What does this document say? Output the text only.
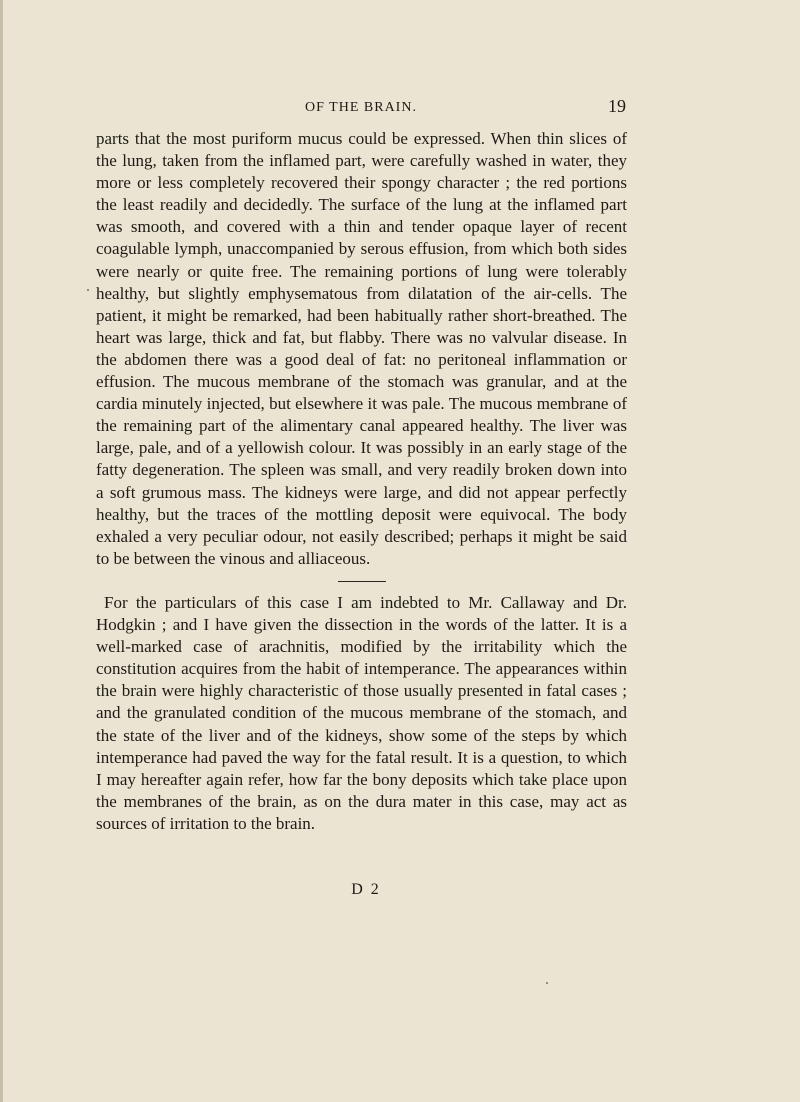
OF THE BRAIN.	19

parts that the most puriform mucus could be expressed. When thin slices of the lung, taken from the inflamed part, were carefully washed in water, they more or less completely recovered their spongy character ; the red portions the least readily and decidedly. The surface of the lung at the inflamed part was smooth, and covered with a thin and tender opaque layer of recent coagulable lymph, unaccompanied by serous effusion, from which both sides were nearly or quite free. The remaining portions of lung were tolerably healthy, but slightly emphysematous from dilatation of the air-cells. The patient, it might be remarked, had been habitually rather short-breathed. The heart was large, thick and fat, but flabby. There was no valvular disease. In the abdomen there was a good deal of fat: no peritoneal inflammation or effusion. The mucous membrane of the stomach was granular, and at the cardia minutely injected, but elsewhere it was pale. The mucous membrane of the remaining part of the alimentary canal appeared healthy. The liver was large, pale, and of a yellowish colour. It was possibly in an early stage of the fatty degeneration. The spleen was small, and very readily broken down into a soft grumous mass. The kidneys were large, and did not appear perfectly healthy, but the traces of the mottling deposit were equivocal. The body exhaled a very peculiar odour, not easily described; perhaps it might be said to be between the vinous and alliaceous.

For the particulars of this case I am indebted to Mr. Callaway and Dr. Hodgkin ; and I have given the dissection in the words of the latter. It is a well-marked case of arachnitis, modified by the irritability which the constitution acquires from the habit of intemperance. The appearances within the brain were highly characteristic of those usually presented in fatal cases ; and the granulated condition of the mucous membrane of the stomach, and the state of the liver and of the kidneys, show some of the steps by which intemperance had paved the way for the fatal result. It is a question, to which I may hereafter again refer, how far the bony deposits which take place upon the membranes of the brain, as on the dura mater in this case, may act as sources of irritation to the brain.

D 2
